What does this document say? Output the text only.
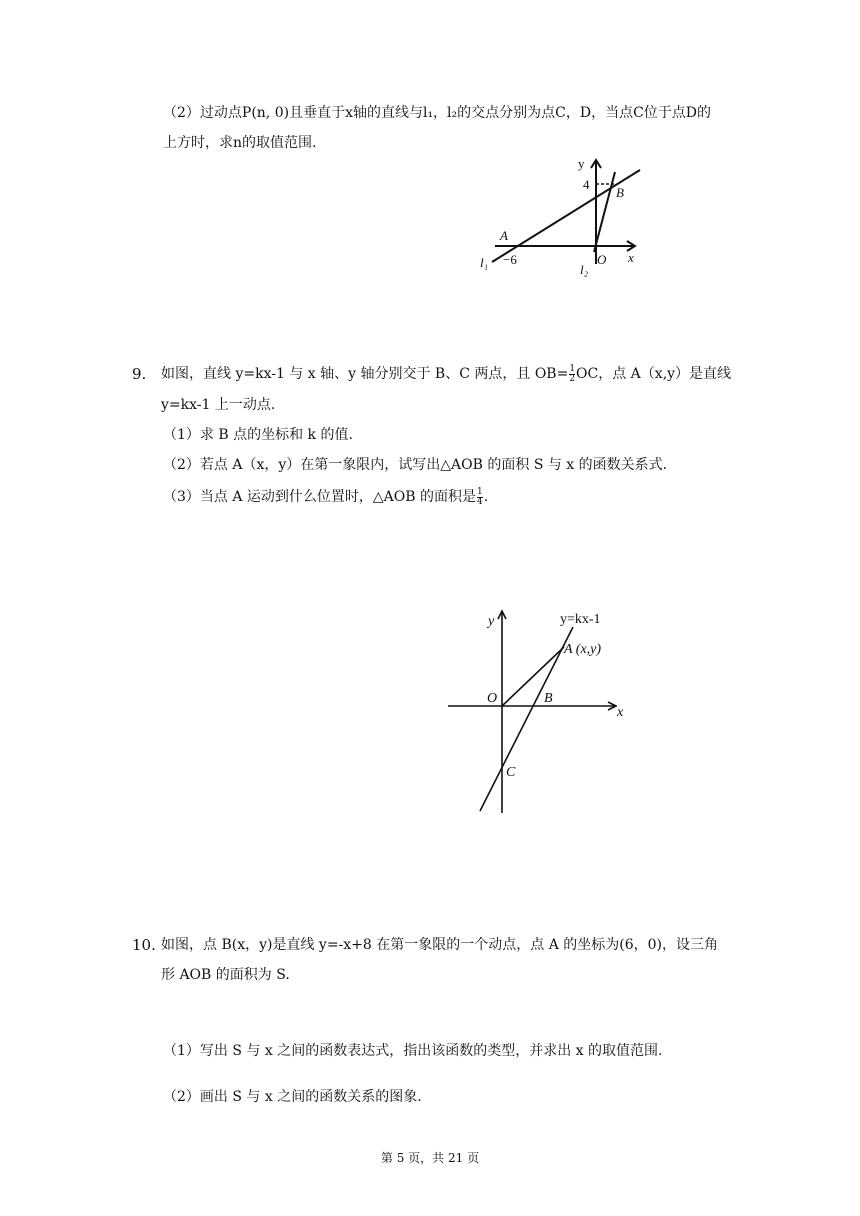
（2）过动点P(n, 0)且垂直于x轴的直线与l₁，l₂的交点分别为点C，D，当点C位于点D的
上方时，求n的取值范围.
y
4
B
A
−6	O x
l₁	l₂
9. 如图，直线 y=kx-1 与 x 轴、y 轴分别交于 B、C 两点，且 $OB= \frac{1}{2}$ OC，点 A（x,y）是直线
y=kx-1 上一动点.
（1）求 B 点的坐标和 k 的值.
（2）若点 A（x，y）在第一象限内，试写出△AOB 的面积 S 与 x 的函数关系式.
（3）当点 A 运动到什么位置时，△AOB 的面积是 $\frac{1}{4}$ .
y	y=kx-1
A (x,y)
O	B
x
C
10. 如图，点 B(x，y)是直线 y=-x+8 在第一象限的一个动点，点 A 的坐标为(6，0)，设三角
形 AOB 的面积为 S.
（1）写出 S 与 x 之间的函数表达式，指出该函数的类型，并求出 x 的取值范围.
（2）画出 S 与 x 之间的函数关系的图象.
第 5 页，共 21 页
